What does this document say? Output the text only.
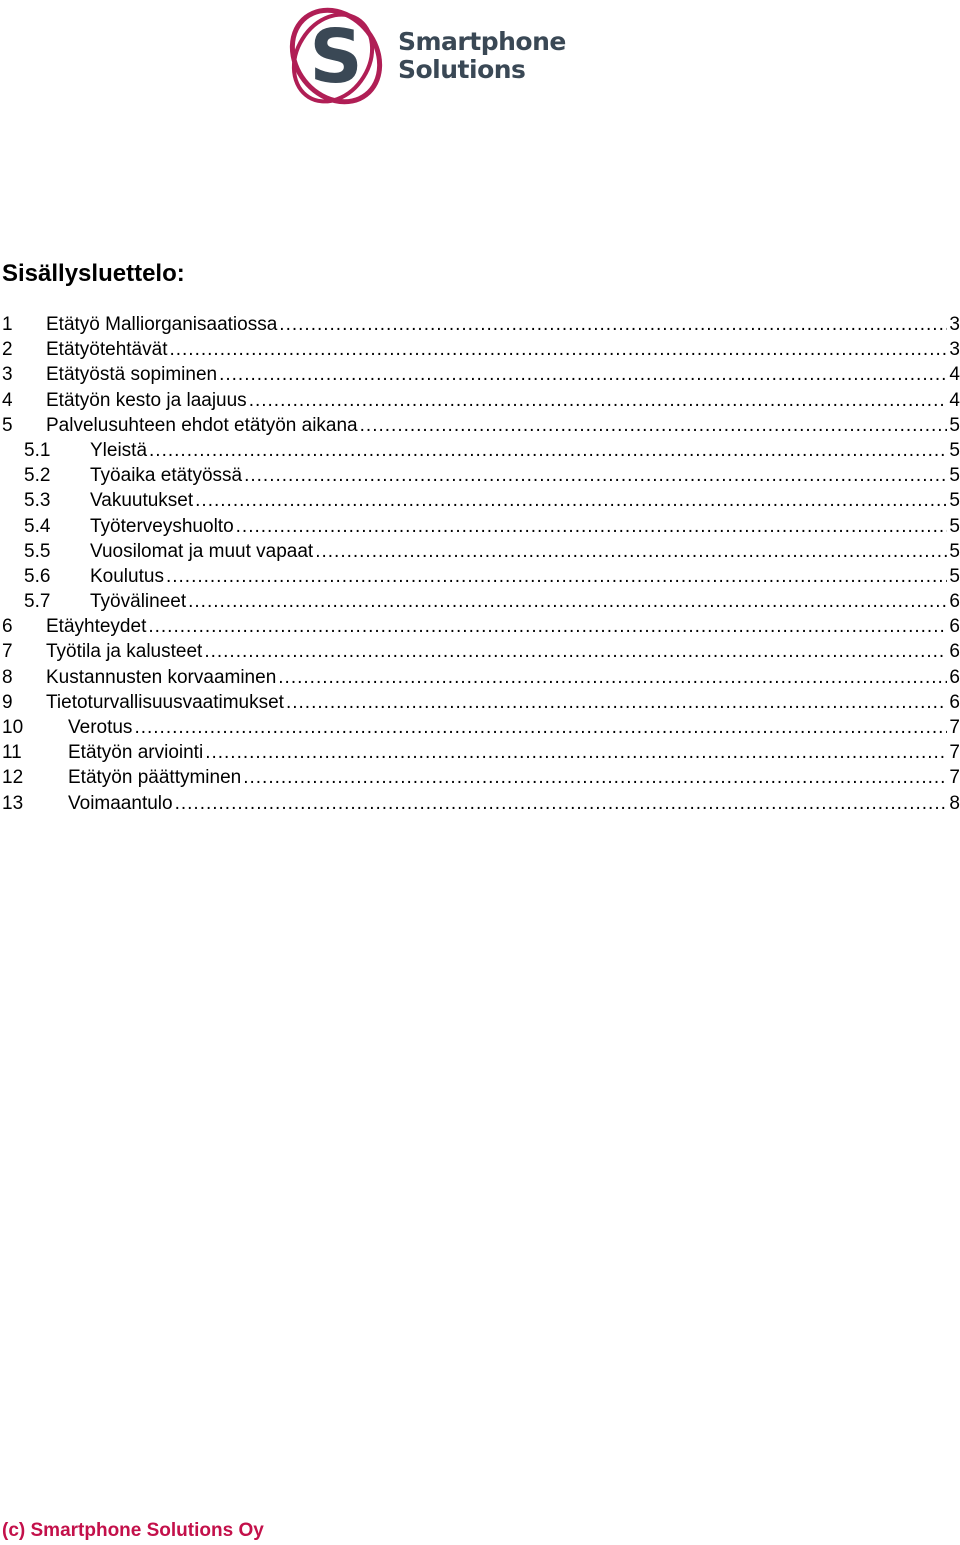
S Smartphone
Solutions
Sisällysluettelo:
1	Etätyö Malliorganisaatiossa .....	3
2	Etätyötehtävät .....	3
3	Etätyöstä sopiminen .....	4
4	Etätyön kesto ja laajuus .....	4
5	Palvelusuhteen ehdot etätyön aikana .....	5
5.1	Yleistä .....	5
5.2	Työaika etätyössä .....	5
5.3	Vakuutukset .....	5
5.4	Työterveyshuolto .....	5
5.5	Vuosilomat ja muut vapaat .....	5
5.6	Koulutus .....	5
5.7	Työvälineet .....	6
6	Etäyhteydet .....	6
7	Työtila ja kalusteet .....	6
8	Kustannusten korvaaminen .....	6
9	Tietoturvallisuusvaatimukset .....	6
10	Verotus .....	7
11	Etätyön arviointi .....	7
12	Etätyön päättyminen .....	7
13	Voimaantulo .....	8
(c) Smartphone Solutions Oy
